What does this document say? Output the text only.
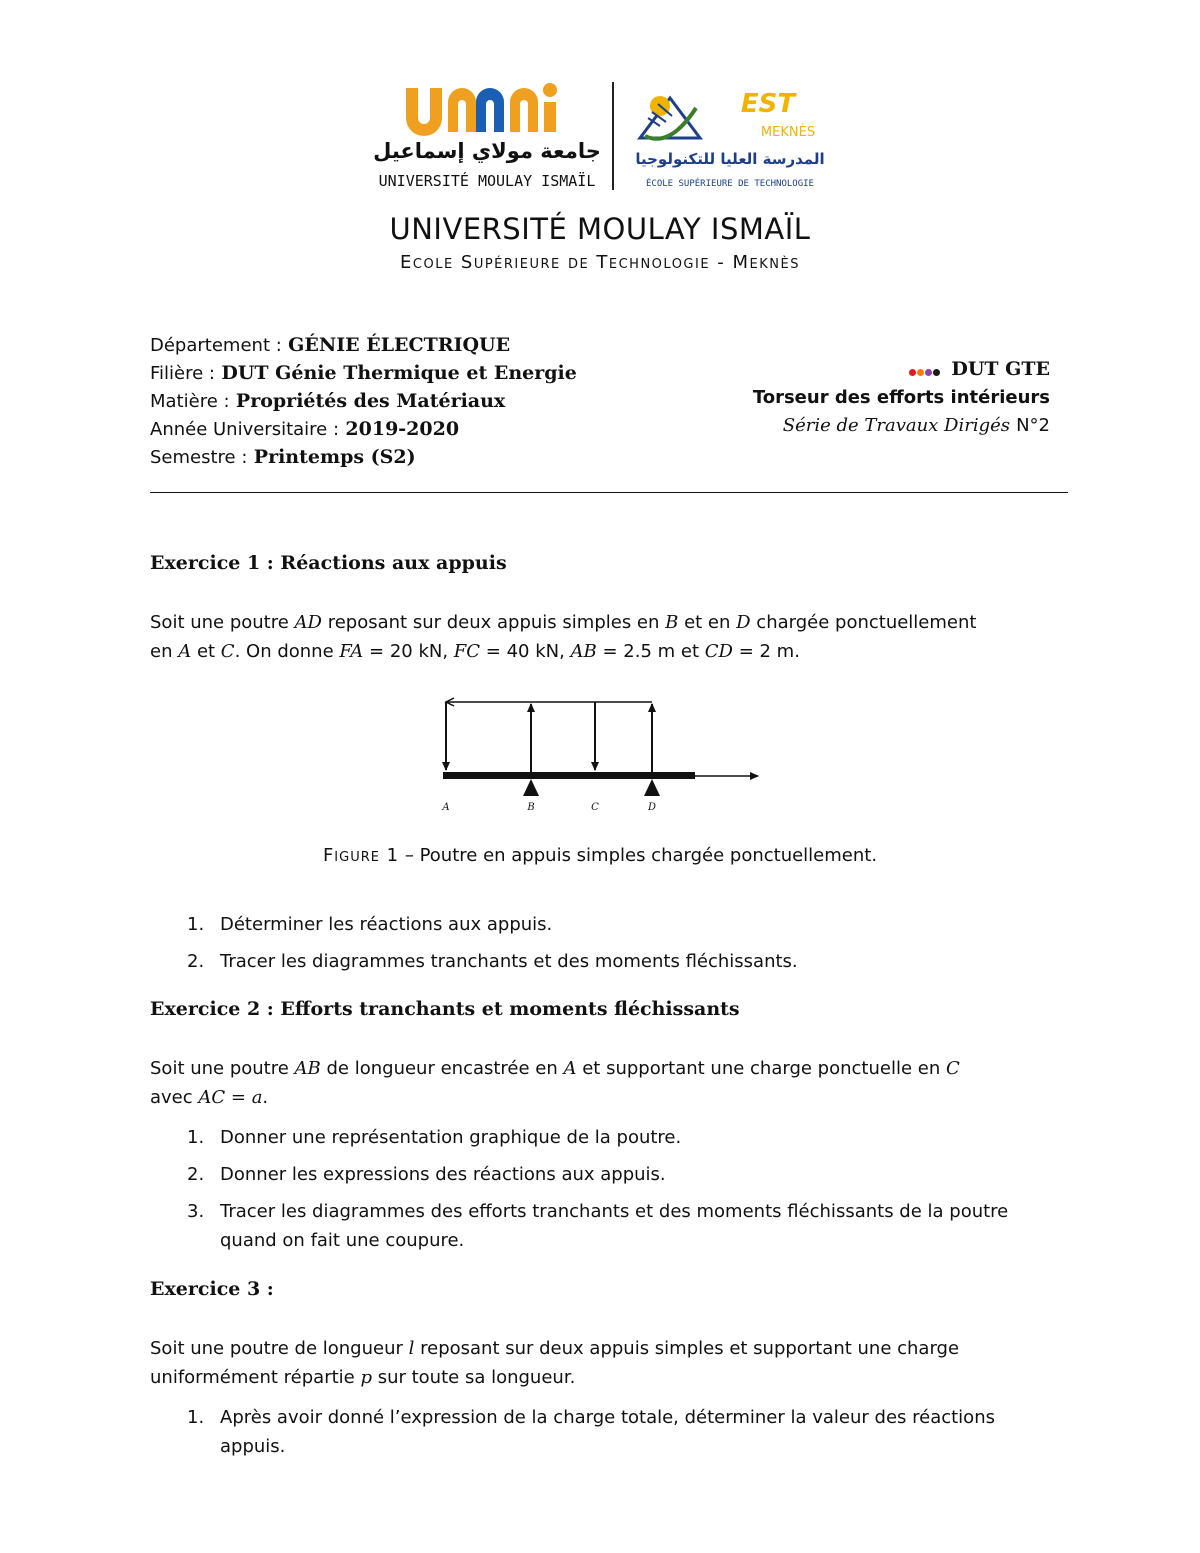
جامعة مولاي إسماعيل
UNIVERSITÉ MOULAY ISMAÏL
EST
MEKNÈS
المدرسة العليا للتكنولوجيا
ÉCOLE SUPÉRIEURE DE TECHNOLOGIE
UNIVERSITÉ MOULAY ISMAÏL
Ecole Supérieure de Technologie - Meknès
Département : GÉNIE ÉLECTRIQUE
Filière : DUT Génie Thermique et Energie
Matière : Propriétés des Matériaux
Année Universitaire : 2019-2020
Semestre : Printemps (S2)
DUT GTE
Torseur des efforts intérieurs
Série de Travaux Dirigés N°2
Exercice 1 : Réactions aux appuis
Soit une poutre AD reposant sur deux appuis simples en B et en D chargée ponctuellement
en A et C. On donne FA = 20 kN, FC = 40 kN, AB = 2.5 m et CD = 2 m.
A	B	C	D
Figure 1 – Poutre en appuis simples chargée ponctuellement.
1. Déterminer les réactions aux appuis.
2. Tracer les diagrammes tranchants et des moments fléchissants.
Exercice 2 : Efforts tranchants et moments fléchissants
Soit une poutre AB de longueur encastrée en A et supportant une charge ponctuelle en C
avec AC = a.
1. Donner une représentation graphique de la poutre.
2. Donner les expressions des réactions aux appuis.
3. Tracer les diagrammes des efforts tranchants et des moments fléchissants de la poutre quand on fait une coupure.
Exercice 3 :
Soit une poutre de longueur l reposant sur deux appuis simples et supportant une charge
uniformément répartie p sur toute sa longueur.
1. Après avoir donné l’expression de la charge totale, déterminer la valeur des réactions appuis.
